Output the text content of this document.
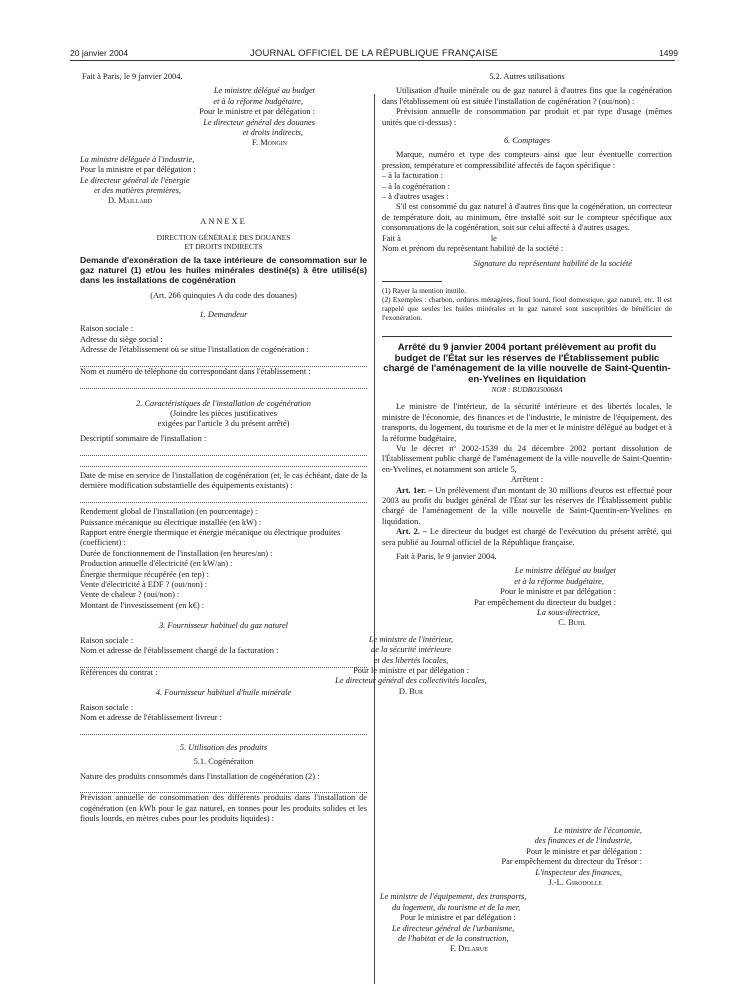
20 janvier 2004	JOURNAL OFFICIEL DE LA RÉPUBLIQUE FRANÇAISE	1499

Fait à Paris, le 9 janvier 2004.

Le ministre délégué au budget
et à la réforme budgétaire,
Pour le ministre et par délégation :
Le directeur général des douanes
et droits indirects,
F. Mongin
La ministre déléguée à l'industrie,
Pour la ministre et par délégation :
Le directeur général de l'énergie
et des matières premières,
D. Maillard

ANNEXE

DIRECTION GÉNÉRALE DES DOUANES

ET DROITS INDIRECTS

Demande d'exonération de la taxe intérieure de consommation sur le gaz naturel (1) et/ou les huiles minérales destiné(s) à être utilisé(s) dans les installations de cogénération

(Art. 266 quinquies A du code des douanes)

1. Demandeur

Raison sociale :

Adresse du siège social :

Adresse de l'établissement où se situe l'installation de cogénération :

Nom et numéro de téléphone du correspondant dans l'établissement :

2. Caractéristiques de l'installation de cogénération

(Joindre les pièces justificatives

exigées par l'article 3 du présent arrêté)

Descriptif sommaire de l'installation :

Date de mise en service de l'installation de cogénération (et, le cas échéant, date de la dernière modification substantielle des équipements existants) :

Rendement global de l'installation (en pourcentage) :

Puissance mécanique ou électrique installée (en kW) :

Rapport entre énergie thermique et énergie mécanique ou électrique produites (coefficient) :

Durée de fonctionnement de l'installation (en heures/an) :

Production annuelle d'électricité (en kW/an) :

Énergie thermique récupérée (en tep) :

Vente d'électricité à EDF ? (oui/non) :

Vente de chaleur ? (oui/non) :

Montant de l'investissement (en k€) :

3. Fournisseur habituel du gaz naturel

Raison sociale :

Nom et adresse de l'établissement chargé de la facturation :

Références du contrat :

4. Fournisseur habituel d'huile minérale

Raison sociale :

Nom et adresse de l'établissement livreur :

5. Utilisation des produits

5.1. Cogénération

Nature des produits consommés dans l'installation de cogénération (2) :

Prévision annuelle de consommation des différents produits dans l'installation de cogénération (en kWh pour le gaz naturel, en tonnes pour les produits solides et les fiouls lourds, en mètres cubes pour les produits liquides) :

5.2. Autres utilisations

Utilisation d'huile minérale ou de gaz naturel à d'autres fins que la cogénération dans l'établissement où est située l'installation de cogénération ? (oui/non) :

Prévision annuelle de consommation par produit et par type d'usage (mêmes unités que ci-dessus) :

6. Comptages

Marque, numéro et type des compteurs ainsi que leur éventuelle correction pression, température et compressibilité affectés de façon spécifique :

– à la facturation :

– à la cogénération :

– à d'autres usages :

S'il est consommé du gaz naturel à d'autres fins que la cogénération, un correcteur de température doit, au minimum, être installé soit sur le compteur spécifique aux consommations de la cogénération, soit sur celui affecté à d'autres usages.

Fait à	le

Nom et prénom du représentant habilité de la société :

Signature du représentant habilité de la société

(1) Rayer la mention inutile.

(2) Exemples : charbon, ordures ménagères, fioul lourd, fioul domestique, gaz naturel, etc. Il est rappelé que seules les huiles minérales et le gaz naturel sont susceptibles de bénéficier de l'exonération.

Arrêté du 9 janvier 2004 portant prélèvement au profit du budget de l'État sur les réserves de l'Établissement public chargé de l'aménagement de la ville nouvelle de Saint-Quentin-en-Yvelines en liquidation

NOR : BUDB0350068A

Le ministre de l'intérieur, de la sécurité intérieure et des libertés locales, le ministre de l'économie, des finances et de l'industrie, le ministre de l'équipement, des transports, du logement, du tourisme et de la mer et le ministre délégué au budget et à la réforme budgétaire,

Vu le décret nº 2002-1539 du 24 décembre 2002 portant dissolution de l'Établissement public chargé de l'aménagement de la ville nouvelle de Saint-Quentin-en-Yvelines, et notamment son article 5,

Arrêtent :

Art. 1er. – Un prélèvement d'un montant de 30 millions d'euros est effectué pour 2003 au profit du budget général de l'État sur les réserves de l'Établissement public chargé de l'aménagement de la ville nouvelle de Saint-Quentin-en-Yvelines en liquidation.

Art. 2. – Le directeur du budget est chargé de l'exécution du présent arrêté, qui sera publié au Journal officiel de la République française.

Fait à Paris, le 9 janvier 2004.

Le ministre délégué au budget
et à la réforme budgétaire,
Pour le ministre et par délégation :
Par empêchement du directeur du budget :
La sous-directrice,
C. Buhl
Le ministre de l'intérieur,
de la sécurité intérieure
et des libertés locales,
Pour le ministre et par délégation :
Le directeur général des collectivités locales,
D. Bur
Le ministre de l'économie,
des finances et de l'industrie,
Pour le ministre et par délégation :
Par empêchement du directeur du Trésor :
L'inspecteur des finances,
J.-L. Girodolle
Le ministre de l'équipement, des transports,
du logement, du tourisme et de la mer,
Pour le ministre et par délégation :
Le directeur général de l'urbanisme,
de l'habitat et de la construction,
F. Delarue
